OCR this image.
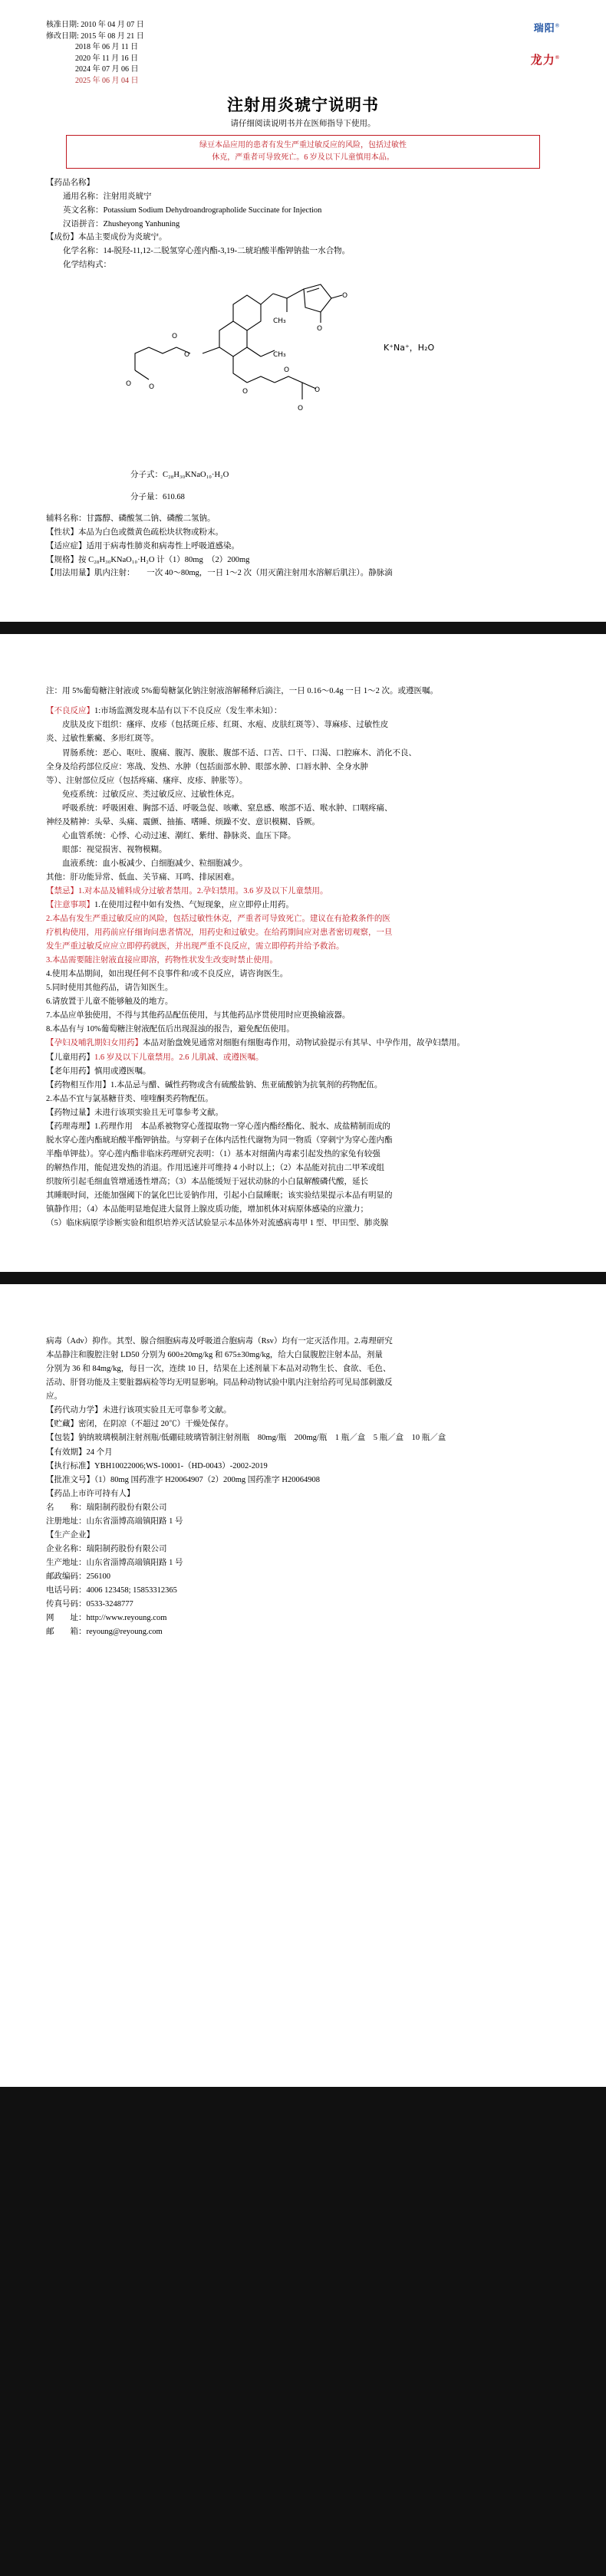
核准日期: 2010 年 04 月 07 日
修改日期: 2015 年 08 月 21 日
2018 年 06 月 11 日
2020 年 11 月 16 日
2024 年 07 月 06 日
2025 年 06 月 04 日
瑞阳®
龙力®
注射用炎琥宁说明书
请仔细阅读说明书并在医师指导下使用。
绿豆本品应用的患者有发生严重过敏反应的风险，包括过敏性
休克，严重者可导致死亡。6 岁及以下儿童慎用本品。

【药品名称】

通用名称：注射用炎琥宁

英文名称：Potassium Sodium Dehydroandrographolide Succinate for Injection

汉语拼音：Zhusheyong Yanhuning

【成份】本品主要成份为炎琥宁。

化学名称：14-脱羟-11,12-二脱氢穿心莲内酯-3,19-二琥珀酸半酯钾钠盐一水合物。

化学结构式：

O
O
CH₃
CH₃
O
O
O	O
O
O
O
O
K⁺Na⁺，H₂O

分子式：C₂₈H₃₀KNaO₁₀·H₂O

分子量：610.68

辅料名称：甘露醇、磷酸氢二钠、磷酸二氢钠。

【性状】本品为白色或微黄色疏松块状物或粉末。

【适应症】适用于病毒性肺炎和病毒性上呼吸道感染。

【规格】按 C₂₈H₃₀KNaO₁₀·H₂O 计（1）80mg　（2）200mg

【用法用量】肌内注射：　　一次 40～80mg，一日 1～2 次（用灭菌注射用水溶解后肌注）。静脉滴

注：用 5%葡萄糖注射液或 5%葡萄糖氯化钠注射液溶解稀释后滴注，一日 0.16～0.4g 一日 1～2 次。或遵医嘱。

【不良反应】1:市场监测发现本品有以下不良反应（发生率未知）：

　　皮肤及皮下组织：瘙痒、皮疹（包括斑丘疹、红斑、水疱、皮肤红斑等）、荨麻疹、过敏性皮

炎、过敏性紫癜、多形红斑等。

　　胃肠系统：恶心、呕吐、腹痛、腹泻、腹胀、腹部不适、口苦、口干、口渴、口腔麻木、消化不良、

全身及给药部位反应：寒战、发热、水肿（包括面部水肿、眼部水肿、口唇水肿、全身水肿

等）、注射部位反应（包括疼痛、瘙痒、皮疹、肿胀等）。

　　免疫系统：过敏反应、类过敏反应、过敏性休克。

　　呼吸系统：呼吸困难、胸部不适、呼吸急促、咳嗽、窒息感、喉部不适、喉水肿、口咽疼痛、

神经及精神：头晕、头痛、震颤、抽搐、嗜睡、烦躁不安、意识模糊、昏厥。

　　心血管系统：心悸、心动过速、潮红、紫绀、静脉炎、血压下降。

　　眼部：视觉损害、视物模糊。

　　血液系统：血小板减少、白细胞减少、粒细胞减少。

其他：肝功能异常、低血、关节痛、耳鸣、排尿困难。

【禁忌】1.对本品及辅料成分过敏者禁用。2.孕妇禁用。3.6 岁及以下儿童禁用。

【注意事项】1.在使用过程中如有发热、气短现象，应立即停止用药。

2.本品有发生严重过敏反应的风险，包括过敏性休克，严重者可导致死亡。建议在有抢救条件的医

疗机构使用，用药前应仔细询问患者情况，用药史和过敏史。在给药期间应对患者密切观察，一旦

发生严重过敏反应应立即停药就医，并出现严重不良反应，需立即停药并给予救治。

3.本品需要随注射液直接应即溶，药物性状发生改变时禁止使用。

4.使用本品期间，如出现任何不良事件和/或不良反应，请咨询医生。

5.同时使用其他药品，请告知医生。

6.请放置于儿童不能够触及的地方。

7.本品应单独使用，不得与其他药品配伍使用，与其他药品序贯使用时应更换输液器。

8.本品有与 10%葡萄糖注射液配伍后出现混浊的报告，避免配伍使用。

【孕妇及哺乳期妇女用药】本品对胎盘娩见通常对细胞有细胞毒作用，动物试验提示有其早、中孕作用，故孕妇禁用。

【儿童用药】1.6 岁及以下儿童禁用。2.6 儿肌减、或遵医嘱。

【老年用药】慎用或遵医嘱。

【药物相互作用】1.本品忌与醋、碱性药物或含有硫酸盐钠、焦亚硫酸钠为抗氧剂的药物配伍。

2.本品不宜与氯基糖苷类、喹喹酮类药物配伍。

【药物过量】未进行该项实验且无可靠参考文献。

【药理毒理】1.药理作用　本品系被物穿心莲提取物一穿心莲内酯经酯化、脱水、成盐精制而成的

脱水穿心莲内酯琥珀酸半酯钾钠盐。与穿刺子在体内活性代谢物为同一物质（穿刺宁为穿心莲内酯

半酯单钾盐）。穿心莲内酯非临床药理研究表明：（1）基本对细菌内毒素引起发热的家兔有较强

的解热作用，能促进发热的消退。作用迅速并可维持 4 小时以上；（2）本品能对抗由二甲苯或组

织胺所引起毛细血管增通透性增高；（3）本品能缓短于冠状动脉的小白鼠解酸磷代酸，延长

其睡眠时间，还能加强阈下的氯化巴比妥钠作用，引起小白鼠睡眠；该实验结果提示本品有明显的

镇静作用；（4）本品能明显地促进大鼠肾上腺皮质功能，增加机体对病原体感染的应激力；

（5）临床病原学诊断实验和组织培养灭活试验显示本品体外对流感病毒甲 1 型、甲田型、肺炎腺

病毒（Adv）抑作。其型、腺合细胞病毒及呼吸道合胞病毒（Rsv）均有一定灭活作用。2.毒理研究

本品静注和腹腔注射 LD50 分别为 600±20mg/kg 和 675±30mg/kg，给大白鼠腹腔注射本品，剂量

分别为 36 和 84mg/kg，每日一次，连续 10 日，结果在上述剂量下本品对动物生长、食欲、毛色、

活动、肝肾功能及主要脏器病检等均无明显影响。同品种动物试验中肌内注射给药可见局部刺激反

应。

【药代动力学】未进行该项实验且无可靠参考文献。

【贮藏】密闭，在阴凉（不超过 20℃）干燥处保存。

【包装】钠纳玻璃模制注射剂瓶/低硼硅玻璃管制注射剂瓶　80mg/瓶　200mg/瓶　1 瓶／盒　5 瓶／盒　10 瓶／盒

【有效期】24 个月

【执行标准】YBH10022006;WS-10001-（HD-0043）-2002-2019

【批准文号】（1）80mg 国药准字 H20064907（2）200mg 国药准字 H20064908

【药品上市许可持有人】

名　　称：瑞阳制药股份有限公司

注册地址：山东省淄博高端镇阳路 1 号

【生产企业】

企业名称：瑞阳制药股份有限公司

生产地址：山东省淄博高端镇阳路 1 号

邮政编码：256100

电话号码：4006 123458; 15853312365

传真号码：0533-3248777

网　　址：http://www.reyoung.com

邮　　箱：reyoung@reyoung.com
